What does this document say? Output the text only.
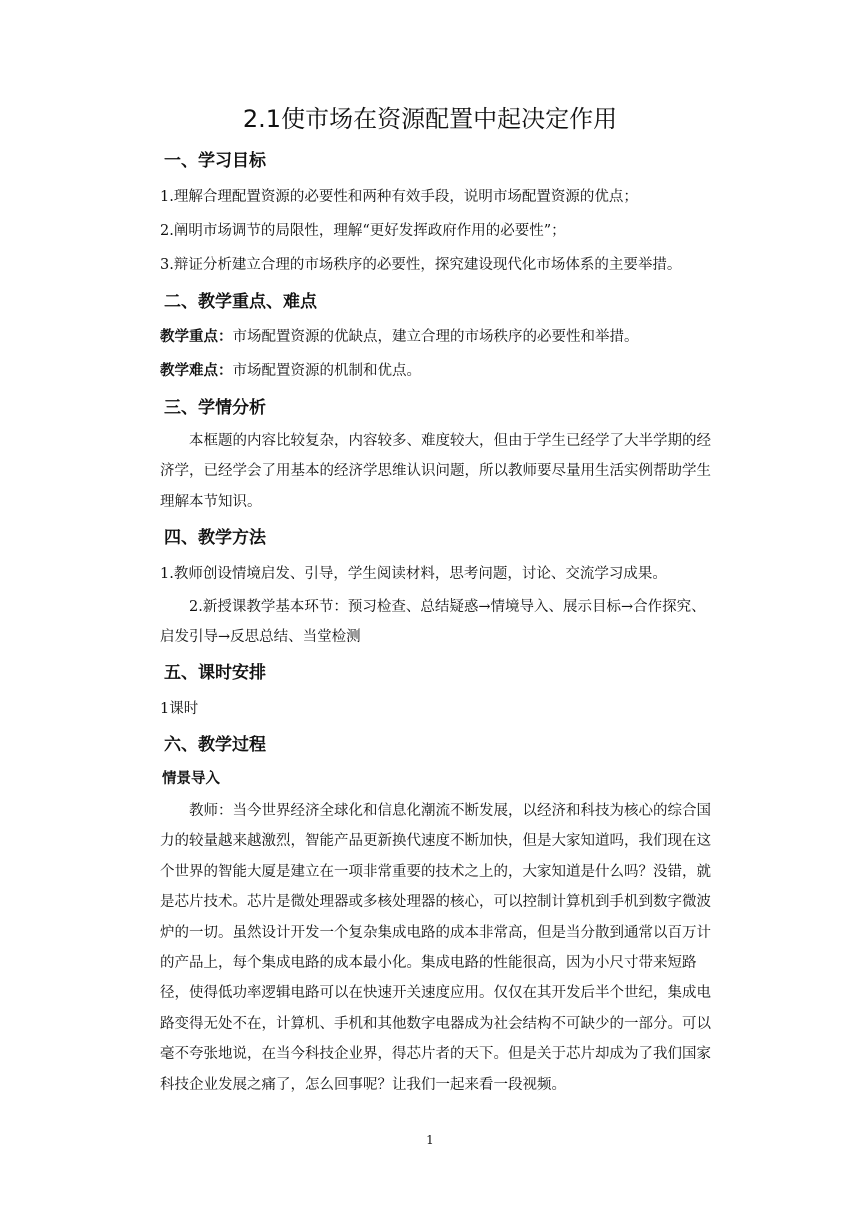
2.1使市场在资源配置中起决定作用
一、学习目标
1.理解合理配置资源的必要性和两种有效手段，说明市场配置资源的优点；
2.阐明市场调节的局限性，理解“更好发挥政府作用的必要性”；
3.辩证分析建立合理的市场秩序的必要性，探究建设现代化市场体系的主要举措。
二、教学重点、难点
教学重点：市场配置资源的优缺点，建立合理的市场秩序的必要性和举措。
教学难点：市场配置资源的机制和优点。
三、学情分析
本框题的内容比较复杂，内容较多、难度较大，但由于学生已经学了大半学期的经济学，已经学会了用基本的经济学思维认识问题，所以教师要尽量用生活实例帮助学生理解本节知识。
四、教学方法
1.教师创设情境启发、引导，学生阅读材料，思考问题，讨论、交流学习成果。
2.新授课教学基本环节：预习检查、总结疑惑→情境导入、展示目标→合作探究、启发引导→反思总结、当堂检测
五、课时安排
1课时
六、教学过程
情景导入
教师：当今世界经济全球化和信息化潮流不断发展，以经济和科技为核心的综合国力的较量越来越激烈，智能产品更新换代速度不断加快，但是大家知道吗，我们现在这个世界的智能大厦是建立在一项非常重要的技术之上的，大家知道是什么吗？没错，就是芯片技术。芯片是微处理器或多核处理器的核心，可以控制计算机到手机到数字微波炉的一切。虽然设计开发一个复杂集成电路的成本非常高，但是当分散到通常以百万计的产品上，每个集成电路的成本最小化。集成电路的性能很高，因为小尺寸带来短路径，使得低功率逻辑电路可以在快速开关速度应用。仅仅在其开发后半个世纪，集成电路变得无处不在，计算机、手机和其他数字电器成为社会结构不可缺少的一部分。可以毫不夸张地说，在当今科技企业界，得芯片者的天下。但是关于芯片却成为了我们国家科技企业发展之痛了，怎么回事呢？让我们一起来看一段视频。
1
